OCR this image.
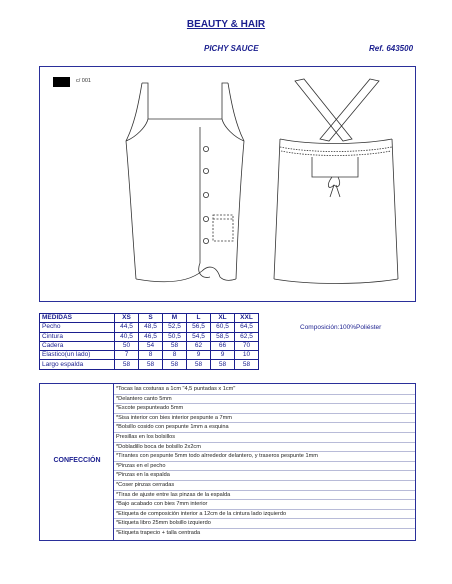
BEAUTY & HAIR
PICHY SAUCE	Ref. 643500
c/ 001
MEDIDAS	XS	S	M	L	XL	XXL
Pecho	44,5	48,5	52,5	56,5	60,5	64,5
Cintura	40,5	46,5	50,5	54,5	58,5	62,5
Cadera	50	54	58	62	66	70
Elastico(un lado)	7	8	8	9	9	10
Largo espalda	58	58	58	58	58	58
Composición:100%Poliéster
CONFECCIÓN
*Tocas las costuras a 1cm "4,5 puntadas x 1cm"
*Delantero canto 5mm
*Escote pespunteado 5mm
*Sisa interior con bies interior pespunte a 7mm
*Bolsillo cosido con pespunte 1mm a esquina
Presillas en los bolsillos
*Dobladillo boca de bolsillo 2x2cm
*Tirantes con pespunte 5mm todo alrrededor delantero, y traseros pespunte 1mm
*Pinzas en el pecho
*Pinzas en la espalda
*Coser pinzas cerradas
*Tiras de ajuste entre las pinzas de la espalda
*Bajo acabado con bies 7mm interior
*Etiqueta de composición interior a 12cm de la cintura lado izquierdo
*Etiqueta libro 25mm bolsillo izquierdo
*Etiqueta trapecio + talla centrada
